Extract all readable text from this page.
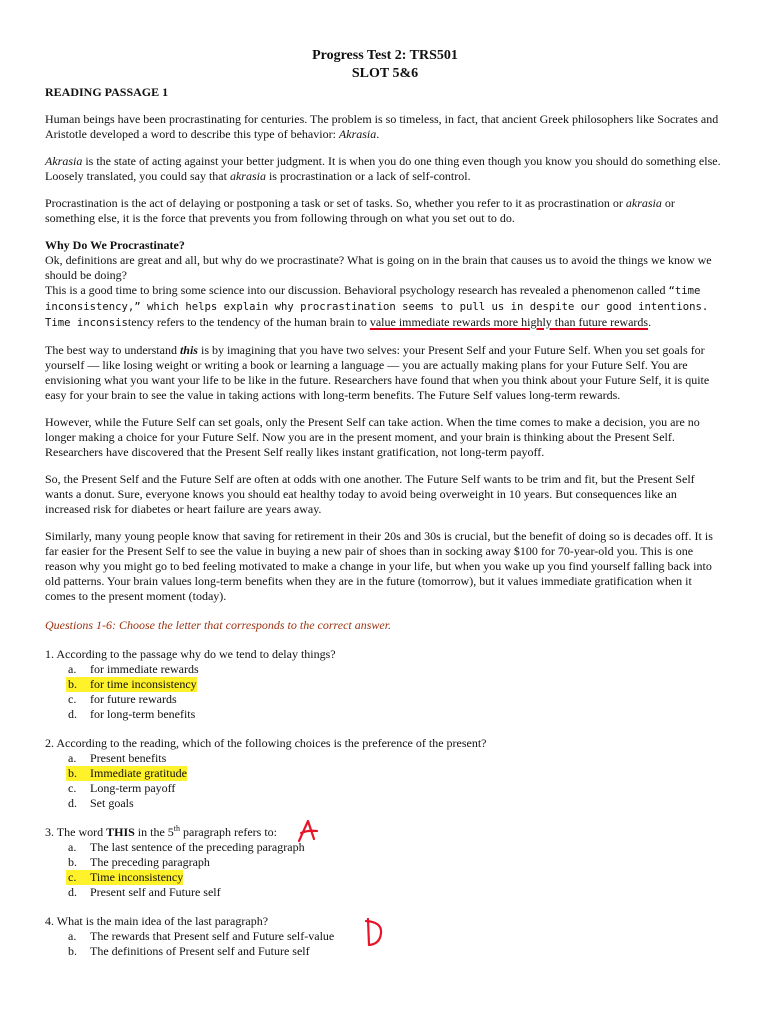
Progress Test 2: TRS501
SLOT 5&6
READING PASSAGE 1

Human beings have been procrastinating for centuries. The problem is so timeless, in fact, that ancient Greek philosophers like Socrates and Aristotle developed a word to describe this type of behavior: Akrasia.

Akrasia is the state of acting against your better judgment. It is when you do one thing even though you know you should do something else. Loosely translated, you could say that akrasia is procrastination or a lack of self-control.

Procrastination is the act of delaying or postponing a task or set of tasks. So, whether you refer to it as procrastination or akrasia or something else, it is the force that prevents you from following through on what you set out to do.

Why Do We Procrastinate?

Ok, definitions are great and all, but why do we procrastinate? What is going on in the brain that causes us to avoid the things we know we should be doing?

This is a good time to bring some science into our discussion. Behavioral psychology research has revealed a phenomenon called “time inconsistency,” which helps explain why procrastination seems to pull us in despite our good intentions. Time inconsistency refers to the tendency of the human brain to value immediate rewards more highly than future rewards.

The best way to understand this is by imagining that you have two selves: your Present Self and your Future Self. When you set goals for yourself — like losing weight or writing a book or learning a language — you are actually making plans for your Future Self. You are envisioning what you want your life to be like in the future. Researchers have found that when you think about your Future Self, it is quite easy for your brain to see the value in taking actions with long-term benefits. The Future Self values long-term rewards.

However, while the Future Self can set goals, only the Present Self can take action. When the time comes to make a decision, you are no longer making a choice for your Future Self. Now you are in the present moment, and your brain is thinking about the Present Self. Researchers have discovered that the Present Self really likes instant gratification, not long-term payoff.

So, the Present Self and the Future Self are often at odds with one another. The Future Self wants to be trim and fit, but the Present Self wants a donut. Sure, everyone knows you should eat healthy today to avoid being overweight in 10 years. But consequences like an increased risk for diabetes or heart failure are years away.

Similarly, many young people know that saving for retirement in their 20s and 30s is crucial, but the benefit of doing so is decades off. It is far easier for the Present Self to see the value in buying a new pair of shoes than in socking away $100 for 70-year-old you. This is one reason why you might go to bed feeling motivated to make a change in your life, but when you wake up you find yourself falling back into old patterns. Your brain values long-term benefits when they are in the future (tomorrow), but it values immediate gratification when it comes to the present moment (today).

Questions 1-6: Choose the letter that corresponds to the correct answer.
1. According to the passage why do we tend to delay things?
a.	for immediate rewards
b.	for time inconsistency
c.	for future rewards
d.	for long-term benefits
2. According to the reading, which of the following choices is the preference of the present?
a.	Present benefits
b.	Immediate gratitude
c.	Long-term payoff
d.	Set goals
3. The word THIS in the 5th paragraph refers to:
a.	The last sentence of the preceding paragraph
b.	The preceding paragraph
c.	Time inconsistency
d.	Present self and Future self
4. What is the main idea of the last paragraph?
a.	The rewards that Present self and Future self-value
b.	The definitions of Present self and Future self
